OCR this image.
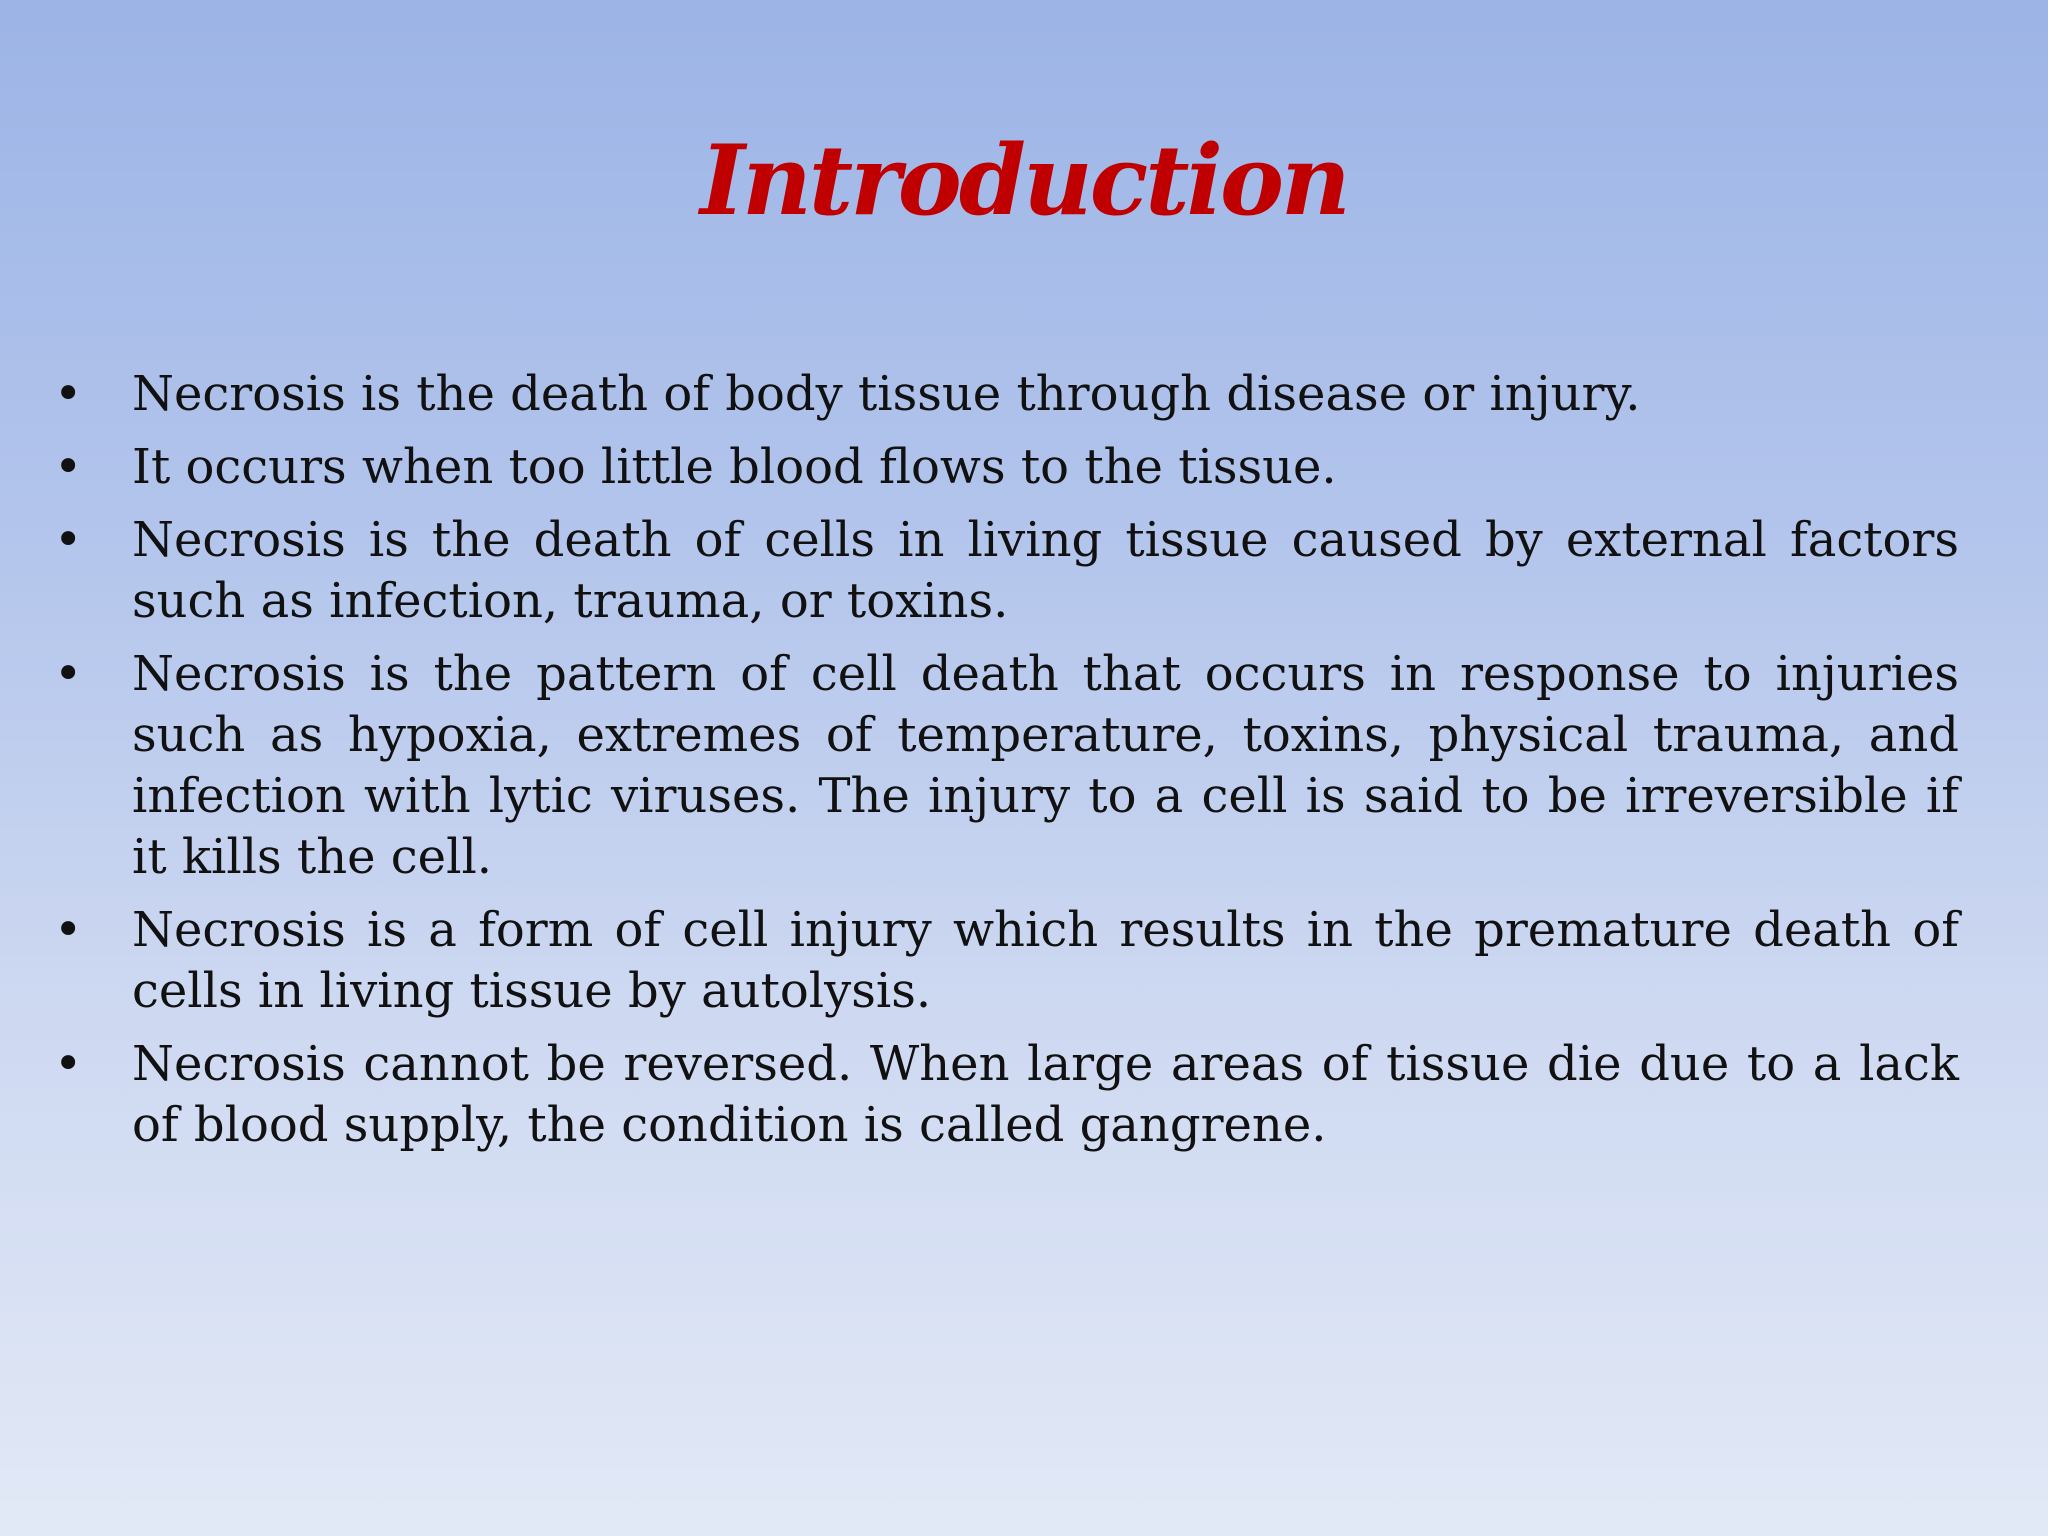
Introduction
•	Necrosis is the death of body tissue through disease or injury.
•	It occurs when too little blood flows to the tissue.
•	Necrosis is the death of cells in living tissue caused by external factors such as infection, trauma, or toxins.
•	Necrosis is the pattern of cell death that occurs in response to injuries such as hypoxia, extremes of temperature, toxins, physical trauma, and infection with lytic viruses. The injury to a cell is said to be irreversible if it kills the cell.
•	Necrosis is a form of cell injury which results in the premature death of cells in living tissue by autolysis.
•	Necrosis cannot be reversed. When large areas of tissue die due to a lack of blood supply, the condition is called gangrene.
